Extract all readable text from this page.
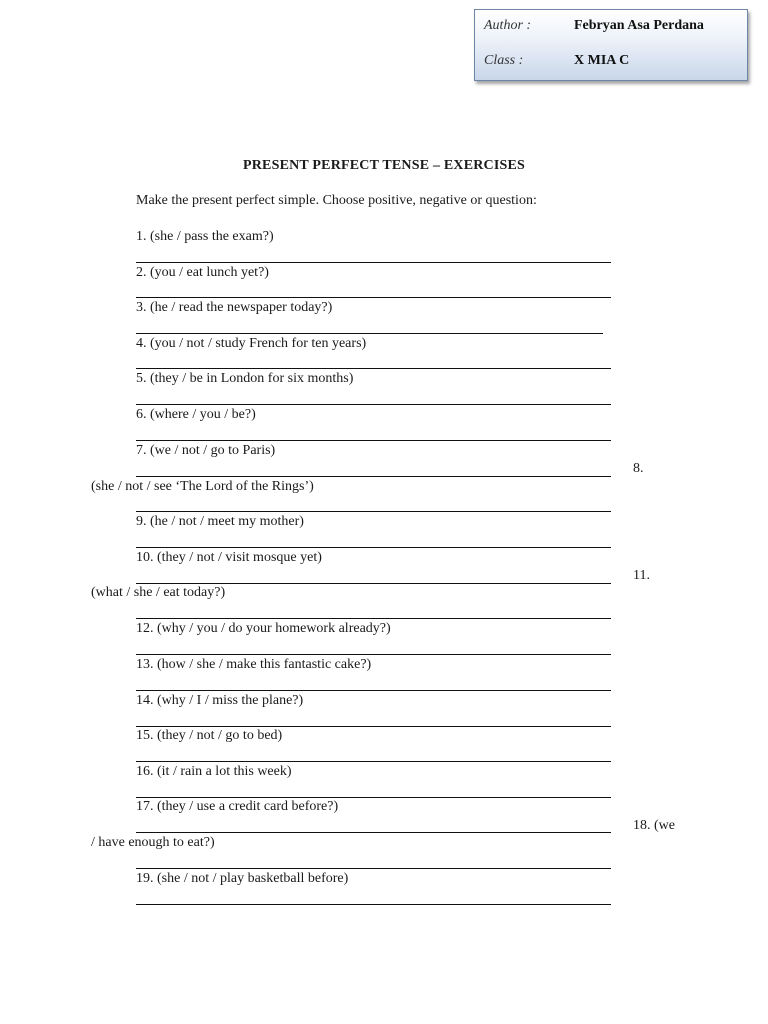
Author :	Febryan Asa Perdana
Class :	X MIA C
PRESENT PERFECT TENSE – EXERCISES
Make the present perfect simple. Choose positive, negative or question:
1. (she / pass the exam?)
2. (you / eat lunch yet?)
3. (he / read the newspaper today?)
4. (you / not / study French for ten years)
5. (they / be in London for six months)
6. (where / you / be?)
7. (we / not / go to Paris)
8.
(she / not / see ‘The Lord of the Rings’)
9. (he / not / meet my mother)
10. (they / not / visit mosque yet)
11.
(what / she / eat today?)
12. (why / you / do your homework already?)
13. (how / she / make this fantastic cake?)
14. (why / I / miss the plane?)
15. (they / not / go to bed)
16. (it / rain a lot this week)
17. (they / use a credit card before?)
18. (we
/ have enough to eat?)
19. (she / not / play basketball before)
